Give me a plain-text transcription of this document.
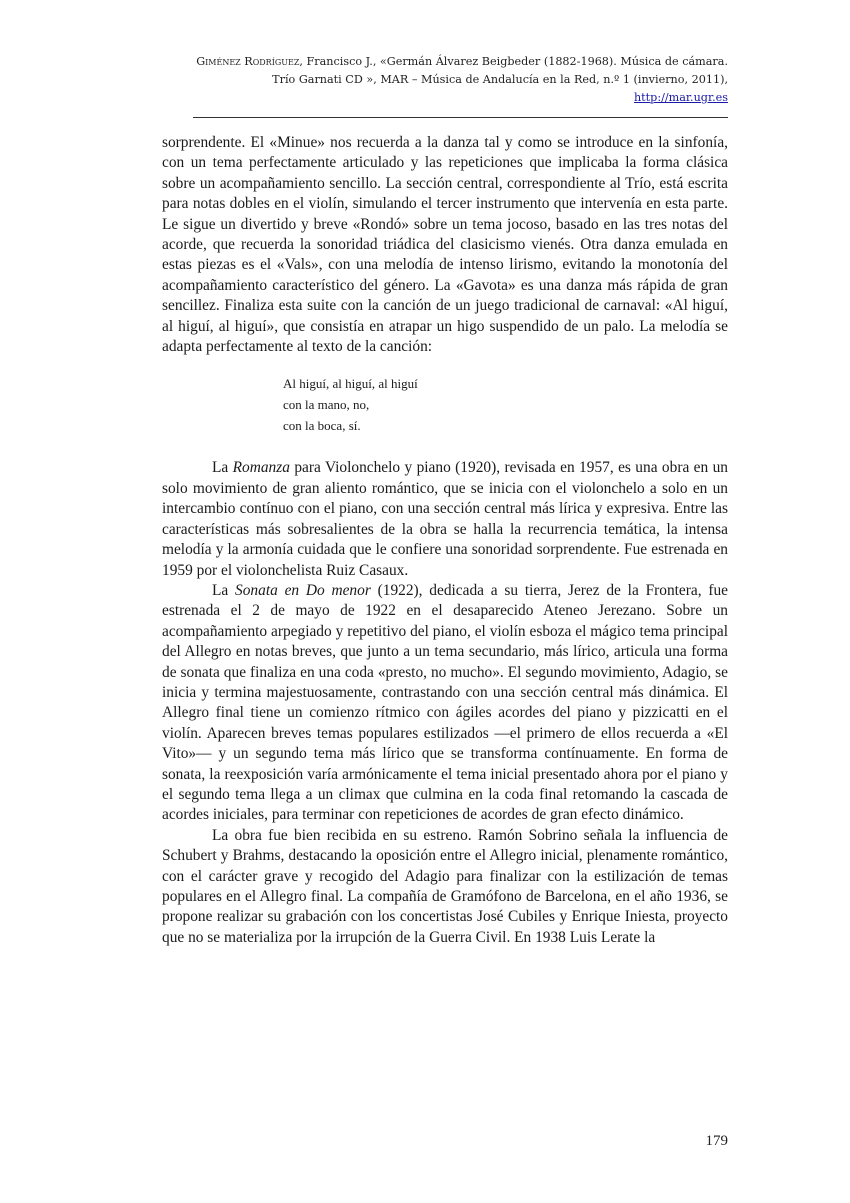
Giménez Rodríguez, Francisco J., «Germán Álvarez Beigbeder (1882-1968). Música de cámara.
Trío Garnati CD », MAR – Música de Andalucía en la Red, n.º 1 (invierno, 2011),
http://mar.ugr.es

sorprendente. El «Minue» nos recuerda a la danza tal y como se introduce en la sinfonía, con un tema perfectamente articulado y las repeticiones que implicaba la forma clásica sobre un acompañamiento sencillo. La sección central, correspondiente al Trío, está escrita para notas dobles en el violín, simulando el tercer instrumento que intervenía en esta parte. Le sigue un divertido y breve «Rondó» sobre un tema jocoso, basado en las tres notas del acorde, que recuerda la sonoridad triádica del clasicismo vienés. Otra danza emulada en estas piezas es el «Vals», con una melodía de intenso lirismo, evitando la monotonía del acompañamiento característico del género. La «Gavota» es una danza más rápida de gran sencillez. Finaliza esta suite con la canción de un juego tradicional de carnaval: «Al higuí, al higuí, al higuí», que consistía en atrapar un higo suspendido de un palo. La melodía se adapta perfectamente al texto de la canción:

Al higuí, al higuí, al higuí
con la mano, no,
con la boca, sí.

La Romanza para Violonchelo y piano (1920), revisada en 1957, es una obra en un solo movimiento de gran aliento romántico, que se inicia con el violonchelo a solo en un intercambio contínuo con el piano, con una sección central más lírica y expresiva. Entre las características más sobresalientes de la obra se halla la recurrencia temática, la intensa melodía y la armonía cuidada que le confiere una sonoridad sorprendente. Fue estrenada en 1959 por el violonchelista Ruiz Casaux.

La Sonata en Do menor (1922), dedicada a su tierra, Jerez de la Frontera, fue estrenada el 2 de mayo de 1922 en el desaparecido Ateneo Jerezano. Sobre un acompañamiento arpegiado y repetitivo del piano, el violín esboza el mágico tema principal del Allegro en notas breves, que junto a un tema secundario, más lírico, articula una forma de sonata que finaliza en una coda «presto, no mucho». El segundo movimiento, Adagio, se inicia y termina majestuosamente, contrastando con una sección central más dinámica. El Allegro final tiene un comienzo rítmico con ágiles acordes del piano y pizzicatti en el violín. Aparecen breves temas populares estilizados —el primero de ellos recuerda a «El Vito»— y un segundo tema más lírico que se transforma contínuamente. En forma de sonata, la reexposición varía armónicamente el tema inicial presentado ahora por el piano y el segundo tema llega a un climax que culmina en la coda final retomando la cascada de acordes iniciales, para terminar con repeticiones de acordes de gran efecto dinámico.

La obra fue bien recibida en su estreno. Ramón Sobrino señala la influencia de Schubert y Brahms, destacando la oposición entre el Allegro inicial, plenamente romántico, con el carácter grave y recogido del Adagio para finalizar con la estilización de temas populares en el Allegro final. La compañía de Gramófono de Barcelona, en el año 1936, se propone realizar su grabación con los concertistas José Cubiles y Enrique Iniesta, proyecto que no se materializa por la irrupción de la Guerra Civil. En 1938 Luis Lerate la

179
